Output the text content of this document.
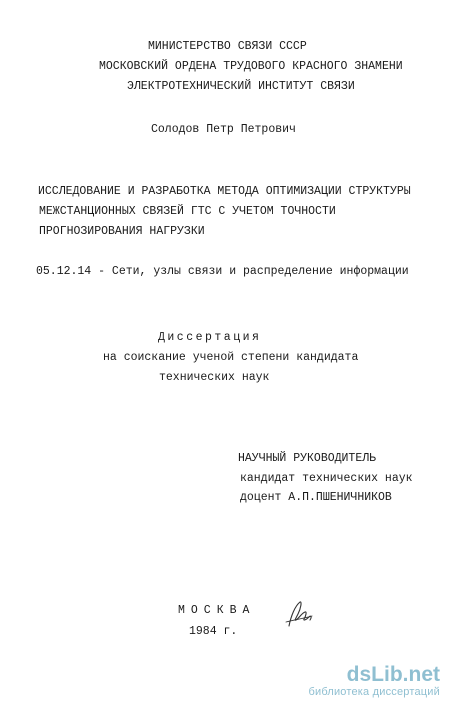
МИНИСТЕРСТВО СВЯЗИ СССР
МОСКОВСКИЙ ОРДЕНА ТРУДОВОГО КРАСНОГО ЗНАМЕНИ
ЭЛЕКТРОТЕХНИЧЕСКИЙ ИНСТИТУТ СВЯЗИ
Солодов Петр Петрович
ИССЛЕДОВАНИЕ И РАЗРАБОТКА МЕТОДА ОПТИМИЗАЦИИ СТРУКТУРЫ
МЕЖСТАНЦИОННЫХ СВЯЗЕЙ ГТС С УЧЕТОМ ТОЧНОСТИ
ПРОГНОЗИРОВАНИЯ НАГРУЗКИ
05.12.14 - Сети, узлы связи и распределение информации
Диссертация
на соискание ученой степени кандидата
технических наук
НАУЧНЫЙ РУКОВОДИТЕЛЬ
кандидат технических наук
доцент А.П.ПШЕНИЧНИКОВ
МОСКВА
1984 г.
dsLib.net
библиотека диссертаций
